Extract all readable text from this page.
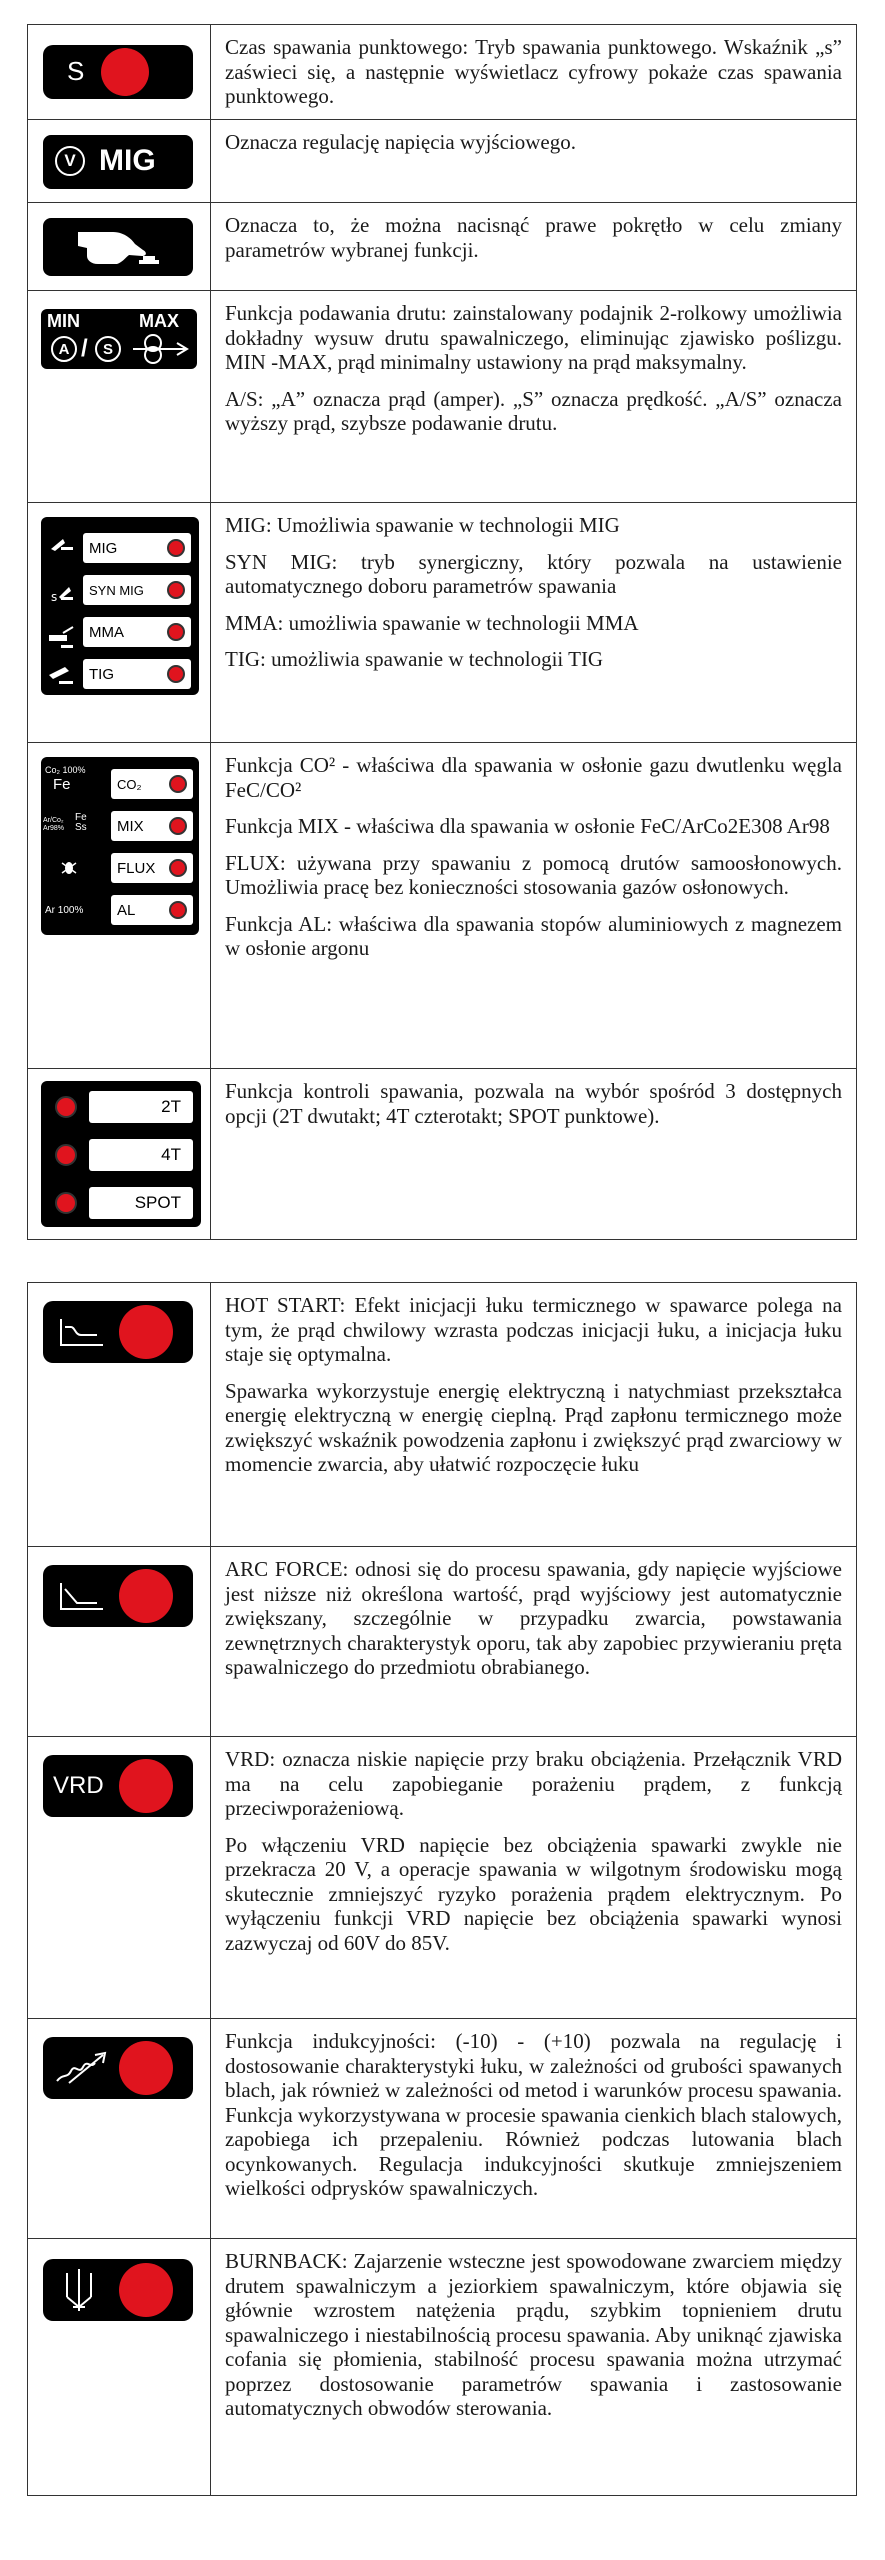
S

Czas spawania punktowego: Tryb spawania punktowego. Wskaźnik „s” zaświeci się, a następnie wyświetlacz cyfrowy pokaże czas spawania punktowego.

V MIG

Oznacza regulację napięcia wyjściowego.

Oznacza to, że można nacisnąć prawe pokrętło w celu zmiany parametrów wybranej funkcji.

MIN	MAX
A / S

Funkcja podawania drutu: zainstalowany podajnik 2-rolkowy umożliwia dokładny wysuw drutu spawalniczego, eliminując zjawisko poślizgu. MIN -MAX, prąd minimalny ustawiony na prąd maksymalny.

A/S: „A” oznacza prąd (amper). „S” oznacza prędkość. „A/S” oznacza wyższy prąd, szybsze podawanie drutu.

s
MIG
SYN MIG
MMA
TIG

MIG: Umożliwia spawanie w technologii MIG

SYN MIG: tryb synergiczny, który pozwala na ustawienie automatycznego doboru parametrów spawania

MMA: umożliwia spawanie w technologii MMA

TIG: umożliwia spawanie w technologii TIG

Co₂ 100%
Fe
Ar/Co₂ Ar98%
Fe Ss
Ar 100%
CO₂
MIX
FLUX
AL

Funkcja CO² - właściwa dla spawania w osłonie gazu dwutlenku węgla FeC/CO²

Funkcja MIX - właściwa dla spawania w osłonie FeC/ArCo2E308 Ar98

FLUX: używana przy spawaniu z pomocą drutów samoosłonowych. Umożliwia pracę bez konieczności stosowania gazów osłonowych.

Funkcja AL: właściwa dla spawania stopów aluminiowych z magnezem w osłonie argonu

2T
4T
SPOT

Funkcja kontroli spawania, pozwala na wybór spośród 3 dostępnych opcji (2T dwutakt; 4T czterotakt; SPOT punktowe).

HOT START: Efekt inicjacji łuku termicznego w spawarce polega na tym, że prąd chwilowy wzrasta podczas inicjacji łuku, a inicjacja łuku staje się optymalna.

Spawarka wykorzystuje energię elektryczną i natychmiast przekształca energię elektryczną w energię cieplną. Prąd zapłonu termicznego może zwiększyć wskaźnik powodzenia zapłonu i zwiększyć prąd zwarciowy w momencie zwarcia, aby ułatwić rozpoczęcie łuku

ARC FORCE: odnosi się do procesu spawania, gdy napięcie wyjściowe jest niższe niż określona wartość, prąd wyjściowy jest automatycznie zwiększany, szczególnie w przypadku zwarcia, powstawania zewnętrznych charakterystyk oporu, tak aby zapobiec przywieraniu pręta spawalniczego do przedmiotu obrabianego.

VRD

VRD: oznacza niskie napięcie przy braku obciążenia. Przełącznik VRD ma na celu zapobieganie porażeniu prądem, z funkcją przeciwporażeniową.

Po włączeniu VRD napięcie bez obciążenia spawarki zwykle nie przekracza 20 V, a operacje spawania w wilgotnym środowisku mogą skutecznie zmniejszyć ryzyko porażenia prądem elektrycznym. Po wyłączeniu funkcji VRD napięcie bez obciążenia spawarki wynosi zazwyczaj od 60V do 85V.

Funkcja indukcyjności: (-10) - (+10) pozwala na regulację i dostosowanie charakterystyki łuku, w zależności od grubości spawanych blach, jak również w zależności od metod i warunków procesu spawania. Funkcja wykorzystywana w procesie spawania cienkich blach stalowych, zapobiega ich przepaleniu. Również podczas lutowania blach ocynkowanych. Regulacja indukcyjności skutkuje zmniejszeniem wielkości odprysków spawalniczych.

BURNBACK: Zajarzenie wsteczne jest spowodowane zwarciem między drutem spawalniczym a jeziorkiem spawalniczym, które objawia się głównie wzrostem natężenia prądu, szybkim topnieniem drutu spawalniczego i niestabilnością procesu spawania. Aby uniknąć zjawiska cofania się płomienia, stabilność procesu spawania można utrzymać poprzez dostosowanie parametrów spawania i zastosowanie automatycznych obwodów sterowania.
